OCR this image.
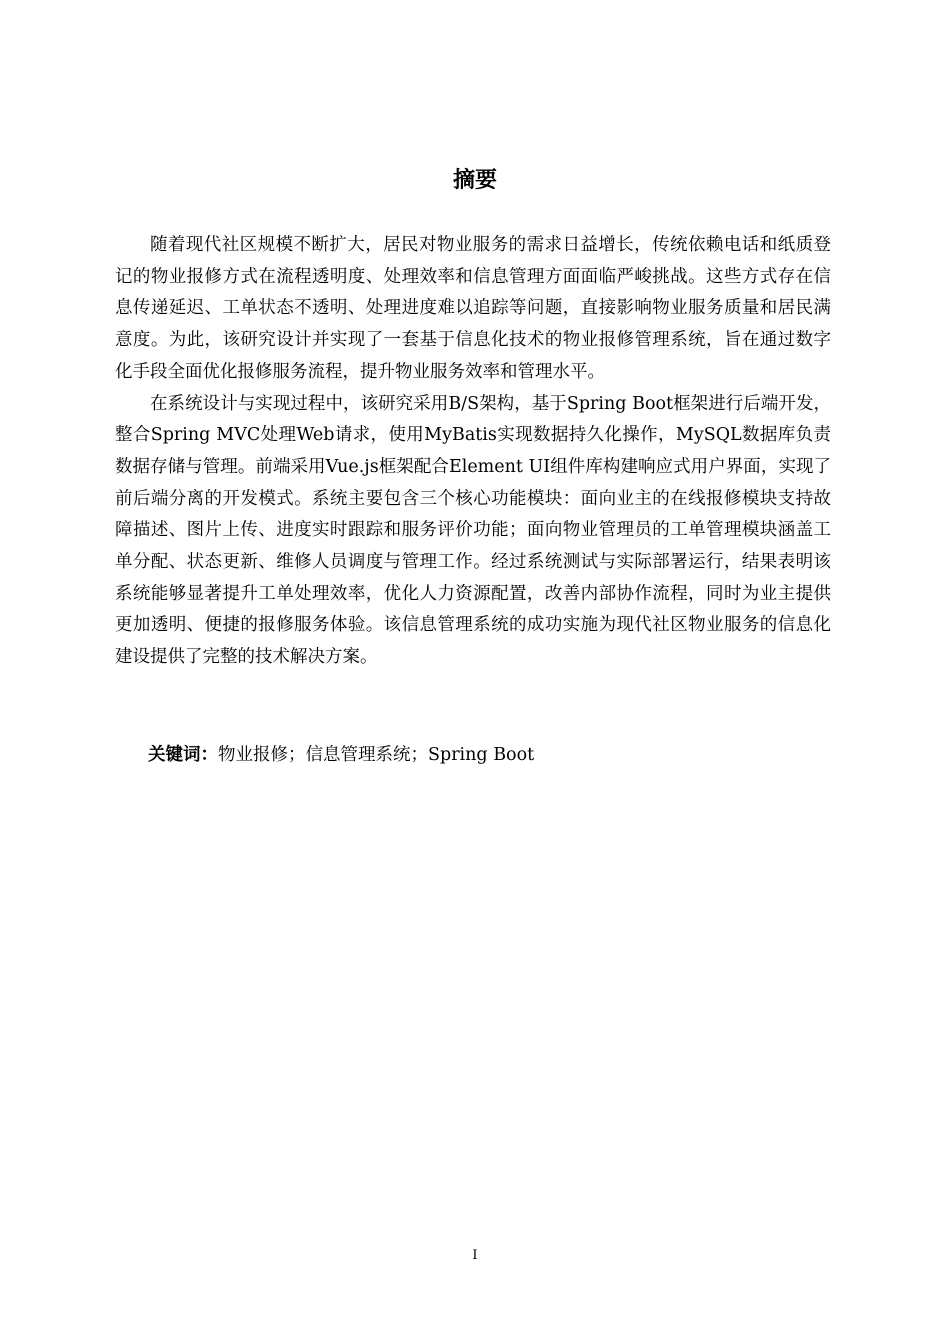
摘要

随着现代社区规模不断扩大，居民对物业服务的需求日益增长，传统依赖电话和纸质登记的物业报修方式在流程透明度、处理效率和信息管理方面面临严峻挑战。这些方式存在信息传递延迟、工单状态不透明、处理进度难以追踪等问题，直接影响物业服务质量和居民满意度。为此，该研究设计并实现了一套基于信息化技术的物业报修管理系统，旨在通过数字化手段全面优化报修服务流程，提升物业服务效率和管理水平。

在系统设计与实现过程中，该研究采用B/S架构，基于Spring Boot框架进行后端开发，整合Spring MVC处理Web请求，使用MyBatis实现数据持久化操作，MySQL数据库负责数据存储与管理。前端采用Vue.js框架配合Element UI组件库构建响应式用户界面，实现了前后端分离的开发模式。系统主要包含三个核心功能模块：面向业主的在线报修模块支持故障描述、图片上传、进度实时跟踪和服务评价功能；面向物业管理员的工单管理模块涵盖工单分配、状态更新、维修人员调度与管理工作。经过系统测试与实际部署运行，结果表明该系统能够显著提升工单处理效率，优化人力资源配置，改善内部协作流程，同时为业主提供更加透明、便捷的报修服务体验。该信息管理系统的成功实施为现代社区物业服务的信息化建设提供了完整的技术解决方案。

关键词：物业报修；信息管理系统；Spring Boot
I
